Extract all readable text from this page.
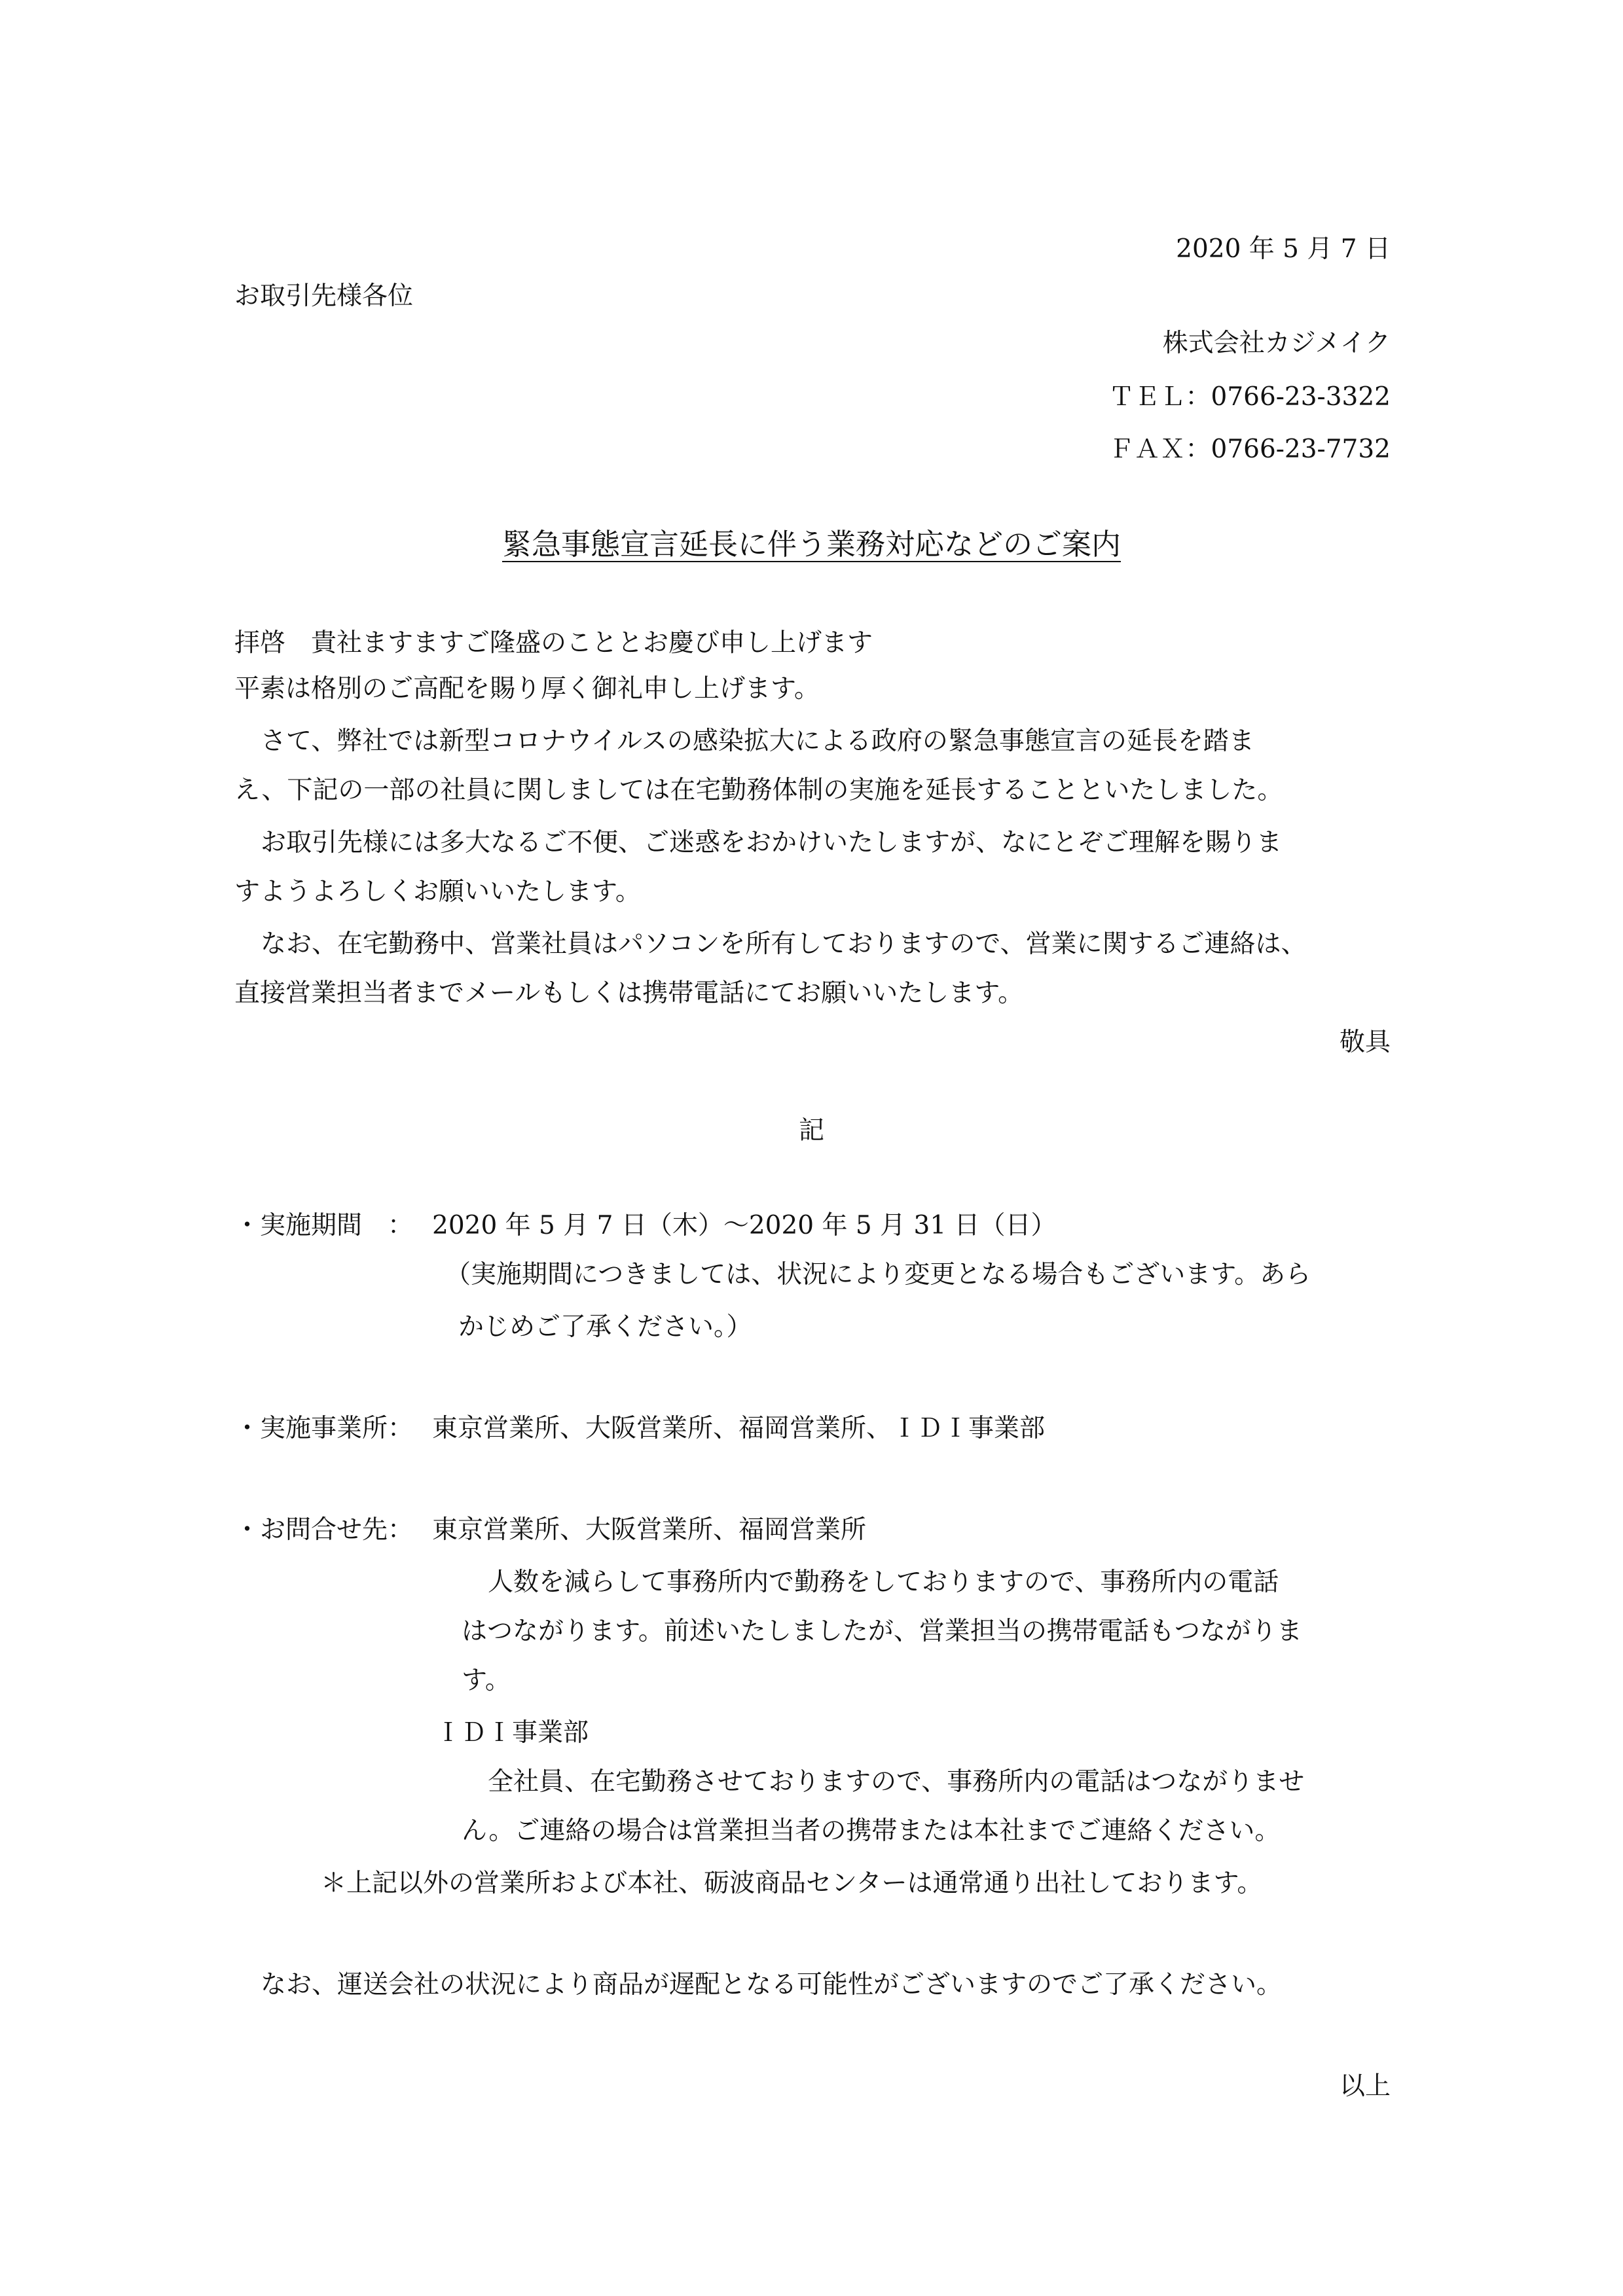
2020 年 5 月 7 日

お取引先様各位

株式会社カジメイク

ＴＥＬ：0766-23-3322

ＦＡＸ：0766-23-7732

緊急事態宣言延長に伴う業務対応などのご案内

拝啓　貴社ますますご隆盛のこととお慶び申し上げます

平素は格別のご高配を賜り厚く御礼申し上げます。

さて、弊社では新型コロナウイルスの感染拡大による政府の緊急事態宣言の延長を踏ま

え、下記の一部の社員に関しましては在宅勤務体制の実施を延長することといたしました。

お取引先様には多大なるご不便、ご迷惑をおかけいたしますが、なにとぞご理解を賜りま

すようよろしくお願いいたします。

なお、在宅勤務中、営業社員はパソコンを所有しておりますので、営業に関するご連絡は、

直接営業担当者までメールもしくは携帯電話にてお願いいたします。

敬具

記

・実施期間　： 2020 年 5 月 7 日（木）～2020 年 5 月 31 日（日）

（実施期間につきましては、状況により変更となる場合もございます。あら

かじめご了承ください。）

・実施事業所： 東京営業所、大阪営業所、福岡営業所、ＩＤＩ事業部

・お問合せ先： 東京営業所、大阪営業所、福岡営業所

人数を減らして事務所内で勤務をしておりますので、事務所内の電話

はつながります。前述いたしましたが、営業担当の携帯電話もつながりま

す。

ＩＤＩ事業部

全社員、在宅勤務させておりますので、事務所内の電話はつながりませ

ん。ご連絡の場合は営業担当者の携帯または本社までご連絡ください。

＊上記以外の営業所および本社、砺波商品センターは通常通り出社しております。

なお、運送会社の状況により商品が遅配となる可能性がございますのでご了承ください。

以上
